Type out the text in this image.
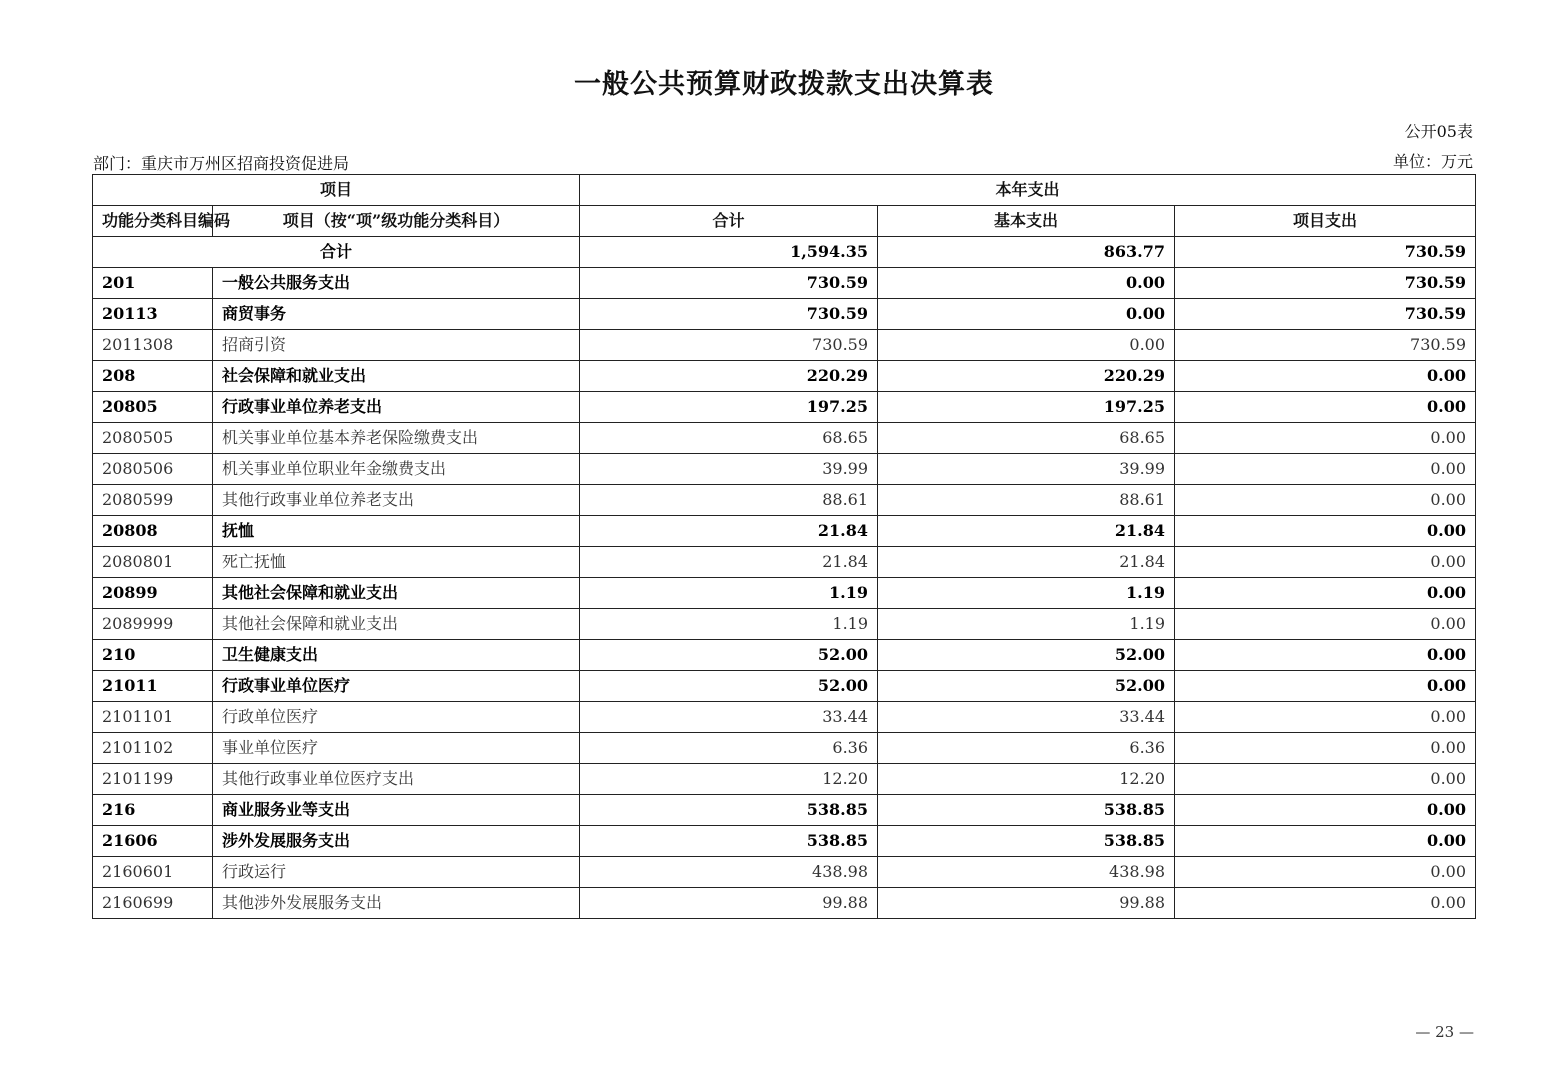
一般公共预算财政拨款支出决算表
公开05表
部门：重庆市万州区招商投资促进局	单位：万元
项目		本年支出		
功能分类科目编码	项目（按“项”级功能分类科目）	合计	基本支出	项目支出
合计		1,594.35	863.77	730.59
201	一般公共服务支出	730.59	0.00	730.59
20113	商贸事务	730.59	0.00	730.59
2011308	招商引资	730.59	0.00	730.59
208	社会保障和就业支出	220.29	220.29	0.00
20805	行政事业单位养老支出	197.25	197.25	0.00
2080505	机关事业单位基本养老保险缴费支出	68.65	68.65	0.00
2080506	机关事业单位职业年金缴费支出	39.99	39.99	0.00
2080599	其他行政事业单位养老支出	88.61	88.61	0.00
20808	抚恤	21.84	21.84	0.00
2080801	死亡抚恤	21.84	21.84	0.00
20899	其他社会保障和就业支出	1.19	1.19	0.00
2089999	其他社会保障和就业支出	1.19	1.19	0.00
210	卫生健康支出	52.00	52.00	0.00
21011	行政事业单位医疗	52.00	52.00	0.00
2101101	行政单位医疗	33.44	33.44	0.00
2101102	事业单位医疗	6.36	6.36	0.00
2101199	其他行政事业单位医疗支出	12.20	12.20	0.00
216	商业服务业等支出	538.85	538.85	0.00
21606	涉外发展服务支出	538.85	538.85	0.00
2160601	行政运行	438.98	438.98	0.00
2160699	其他涉外发展服务支出	99.88	99.88	0.00
— 23 —
